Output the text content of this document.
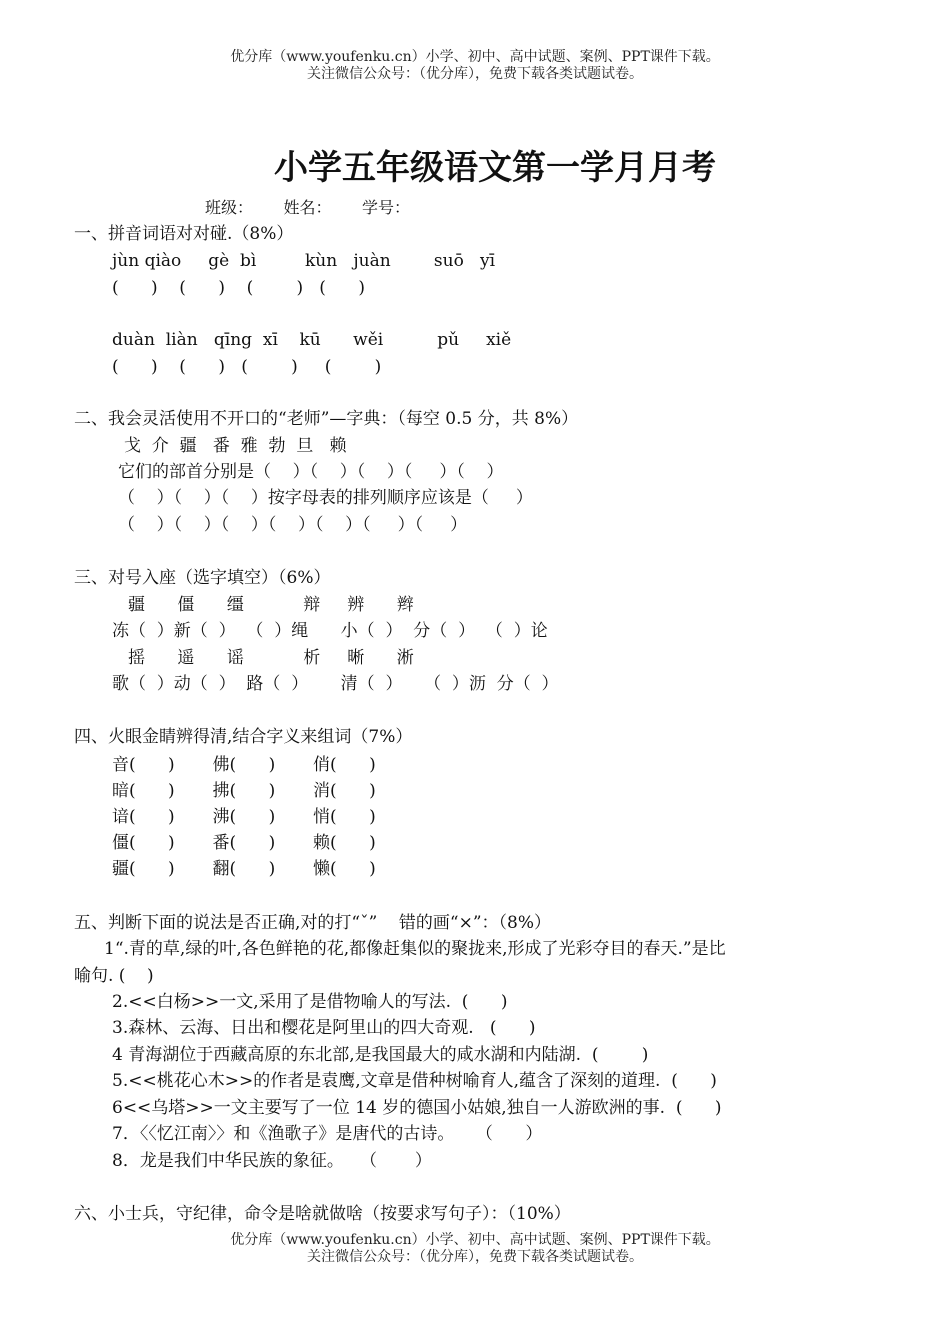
优分库（www.youfenku.cn）小学、初中、高中试题、案例、PPT课件下载。
关注微信公众号：（优分库），免费下载各类试题试卷。
小学五年级语文第一学月月考
班级：      姓名：      学号：
一、拼音词语对对碰.（8%）
jùn qiào     gè  bì         kùn   juàn        suō   yī
(      )    (      )    (        )   (      )
duàn  liàn   qīng  xī    kū      wěi          pǔ     xiě
(      )    (      )   (        )     (        )
二、我会灵活使用不开口的“老师”—字典：（每空 0.5 分，共 8%）
戈  介  疆   番  雅  勃  旦   赖
它们的部首分别是（    ）（    ）（    ）（     ）（    ）
（    ）（    ）（    ）按字母表的排列顺序应该是（     ）
（    ）（    ）（    ）（    ）（    ）（     ）（     ）
三、对号入座（选字填空）（6%）
疆      僵      缰           辩     辨      辫
冻（  ）新（  ）  （  ）绳      小（  ）  分（  ）  （  ）论
摇      遥      谣           析     晰      淅
歌（  ）动（  ）  路（  ）      清（  ）    （  ）沥  分（  ）
四、火眼金睛辨得清,结合字义来组词（7%）
音(      )       佛(      )       俏(      )
暗(      )       拂(      )       消(      )
谙(      )       沸(      )       悄(      )
僵(      )       番(      )       赖(      )
疆(      )       翻(      )       懒(      )
五、判断下面的说法是否正确,对的打“ˇ”    错的画“×”：（8%）
1“.青的草,绿的叶,各色鲜艳的花,都像赶集似的聚拢来,形成了光彩夺目的春天.”是比
喻句. (    )
2.<<白杨>>一文,采用了是借物喻人的写法.  (      )
3.森林、云海、日出和樱花是阿里山的四大奇观.   (      )
4 青海湖位于西藏高原的东北部,是我国最大的咸水湖和内陆湖.  (        )
5.<<桃花心木>>的作者是袁鹰,文章是借种树喻育人,蕴含了深刻的道理.  (      )
6<<乌塔>>一文主要写了一位 14 岁的德国小姑娘,独自一人游欧洲的事.  (      )
7．〈〈忆江南〉〉和《渔歌子》是唐代的古诗。    （      ）
8．龙是我们中华民族的象征。   （       ）
六、小士兵，守纪律，命令是啥就做啥（按要求写句子）：（10%）
优分库（www.youfenku.cn）小学、初中、高中试题、案例、PPT课件下载。
关注微信公众号：（优分库），免费下载各类试题试卷。
